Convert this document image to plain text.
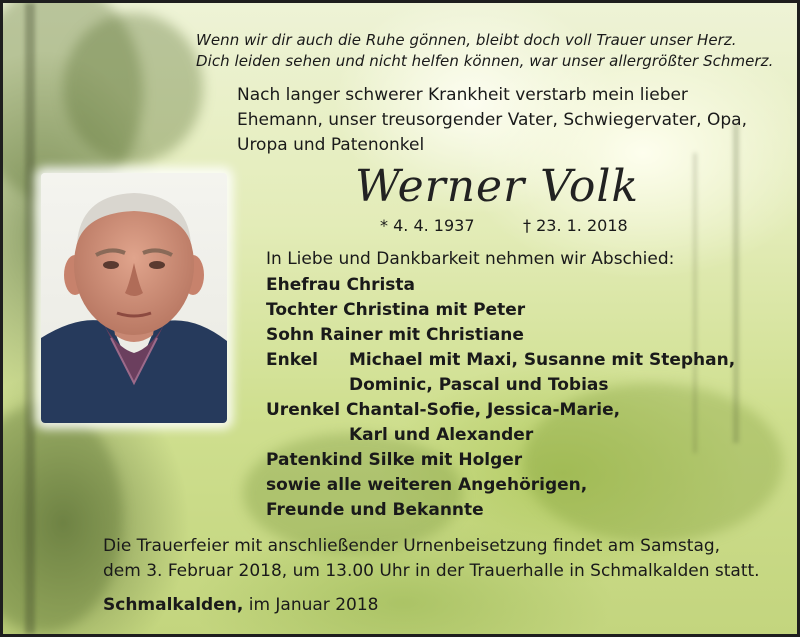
Wenn wir dir auch die Ruhe gönnen, bleibt doch voll Trauer unser Herz.
Dich leiden sehen und nicht helfen können, war unser allergrößter Schmerz.
Nach langer schwerer Krankheit verstarb mein lieber
Ehemann, unser treusorgender Vater, Schwiegervater, Opa,
Uropa und Patenonkel
Werner Volk
* 4. 4. 1937	† 23. 1. 2018
In Liebe und Dankbarkeit nehmen wir Abschied:
Ehefrau Christa
Tochter Christina mit Peter
Sohn Rainer mit Christiane
Enkel Michael mit Maxi, Susanne mit Stephan,
Dominic, Pascal und Tobias
Urenkel Chantal-Sofie, Jessica-Marie,
Karl und Alexander
Patenkind Silke mit Holger
sowie alle weiteren Angehörigen,
Freunde und Bekannte
Die Trauerfeier mit anschließender Urnenbeisetzung findet am Samstag,
dem 3. Februar 2018, um 13.00 Uhr in der Trauerhalle in Schmalkalden statt.
Schmalkalden, im Januar 2018
